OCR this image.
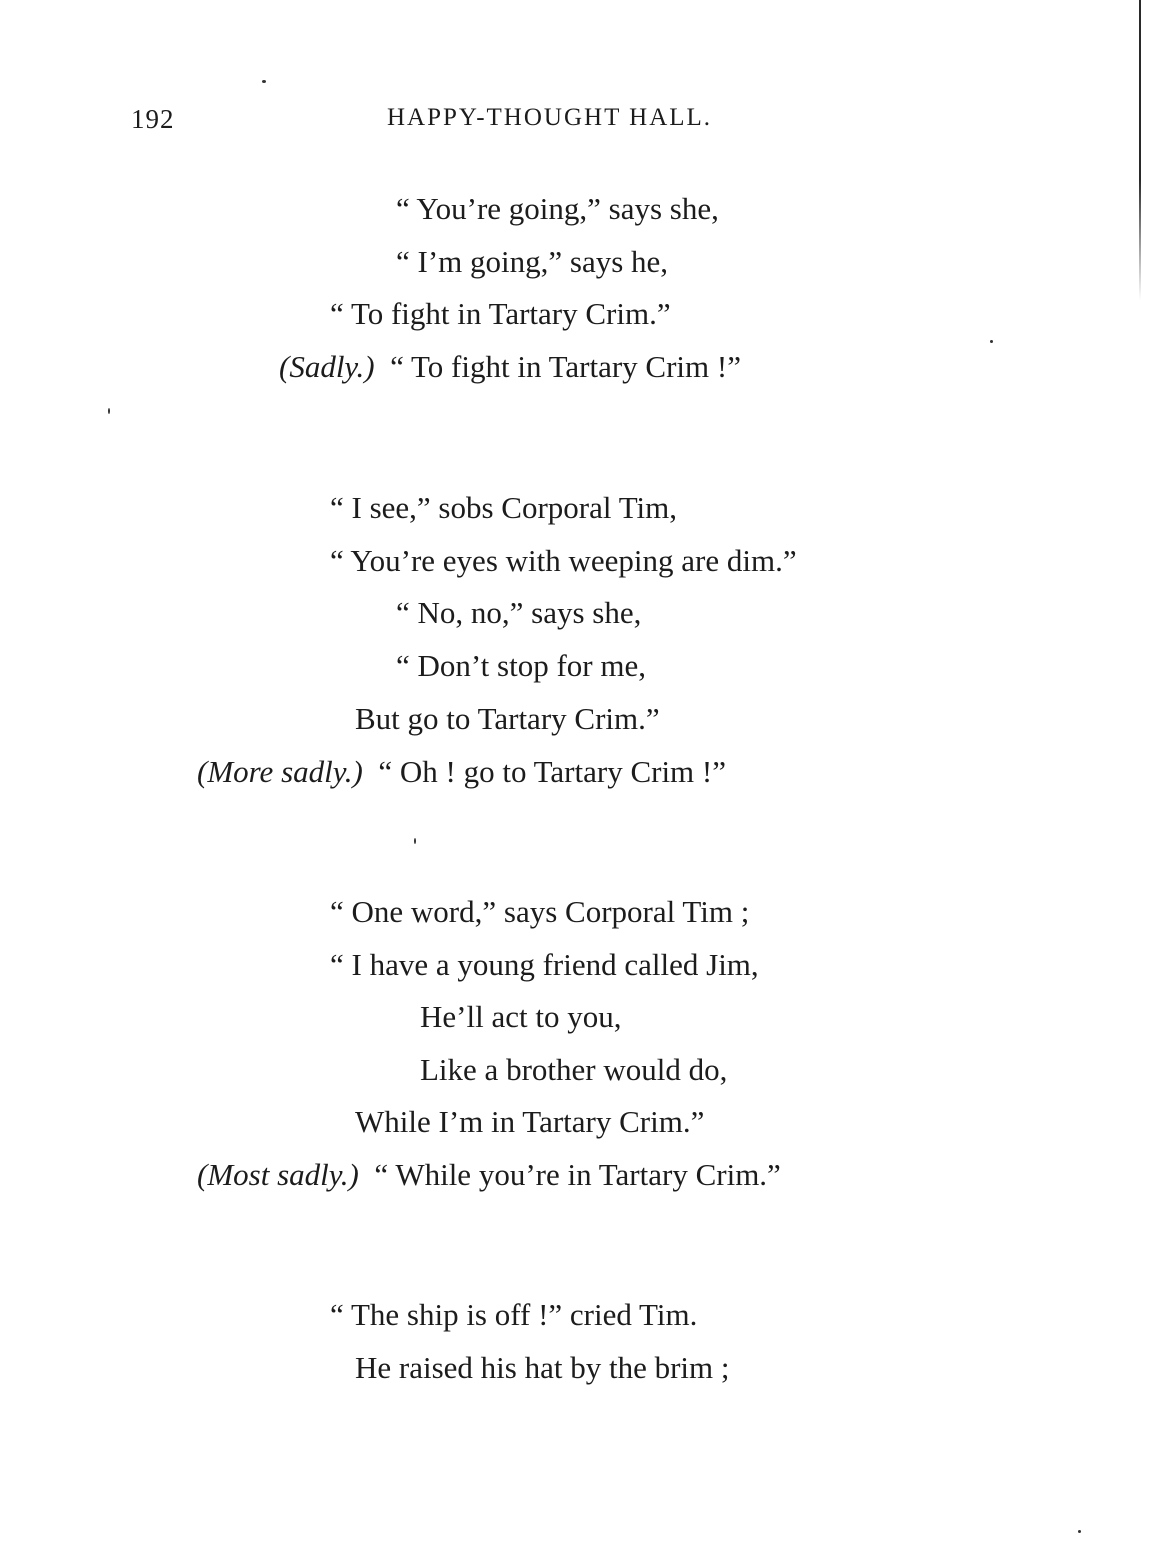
192	HAPPY-THOUGHT HALL.
“ You’re going,” says she,
“ I’m going,” says he,
“ To fight in Tartary Crim.”
(Sadly.) “ To fight in Tartary Crim !”
“ I see,” sobs Corporal Tim,
“ You’re eyes with weeping are dim.”
“ No, no,” says she,
“ Don’t stop for me,
But go to Tartary Crim.”
(More sadly.) “ Oh ! go to Tartary Crim !”
“ One word,” says Corporal Tim ;
“ I have a young friend called Jim,
He’ll act to you,
Like a brother would do,
While I’m in Tartary Crim.”
(Most sadly.) “ While you’re in Tartary Crim.”
“ The ship is off !” cried Tim.
He raised his hat by the brim ;
